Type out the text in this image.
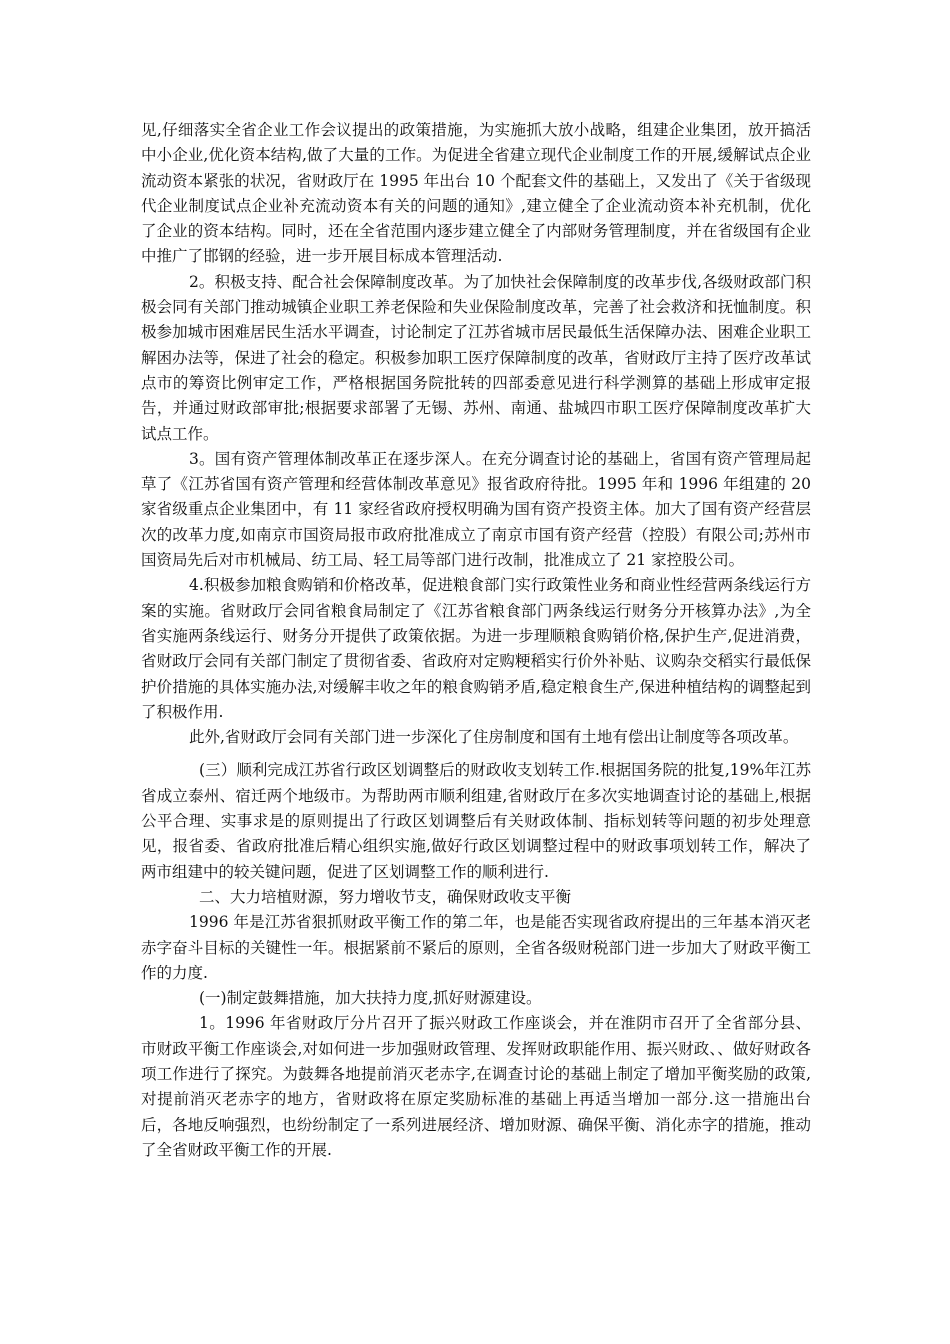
见,仔细落实全省企业工作会议提出的政策措施，为实施抓大放小战略，组建企业集团，放开搞活中小企业,优化资本结构,做了大量的工作。为促进全省建立现代企业制度工作的开展,缓解试点企业流动资本紧张的状况，省财政厅在 1995 年出台 10 个配套文件的基础上，又发出了《关于省级现代企业制度试点企业补充流动资本有关的问题的通知》,建立健全了企业流动资本补充机制，优化了企业的资本结构。同时，还在全省范围内逐步建立健全了内部财务管理制度，并在省级国有企业中推广了邯钢的经验，进一步开展目标成本管理活动.

2。积极支持、配合社会保障制度改革。为了加快社会保障制度的改革步伐,各级财政部门积极会同有关部门推动城镇企业职工养老保险和失业保险制度改革，完善了社会救济和抚恤制度。积极参加城市困难居民生活水平调查，讨论制定了江苏省城市居民最低生活保障办法、困难企业职工解困办法等，保进了社会的稳定。积极参加职工医疗保障制度的改革，省财政厅主持了医疗改革试点市的筹资比例审定工作，严格根据国务院批转的四部委意见进行科学测算的基础上形成审定报告，并通过财政部审批;根据要求部署了无锡、苏州、南通、盐城四市职工医疗保障制度改革扩大试点工作。

3。国有资产管理体制改革正在逐步深人。在充分调查讨论的基础上，省国有资产管理局起草了《江苏省国有资产管理和经营体制改革意见》报省政府待批。1995 年和 1996 年组建的 20 家省级重点企业集团中，有 11 家经省政府授权明确为国有资产投资主体。加大了国有资产经营层次的改革力度,如南京市国资局报市政府批准成立了南京市国有资产经营（控股）有限公司;苏州市国资局先后对市机械局、纺工局、轻工局等部门进行改制，批准成立了 21 家控股公司。

4.积极参加粮食购销和价格改革，促进粮食部门实行政策性业务和商业性经营两条线运行方案的实施。省财政厅会同省粮食局制定了《江苏省粮食部门两条线运行财务分开核算办法》,为全省实施两条线运行、财务分开提供了政策依据。为进一步理顺粮食购销价格,保护生产,促进消费，省财政厅会同有关部门制定了贯彻省委、省政府对定购粳稻实行价外补贴、议购杂交稻实行最低保护价措施的具体实施办法,对缓解丰收之年的粮食购销矛盾,稳定粮食生产,保进种植结构的调整起到了积极作用.

此外,省财政厅会同有关部门进一步深化了住房制度和国有土地有偿出让制度等各项改革。

(三）顺利完成江苏省行政区划调整后的财政收支划转工作.根据国务院的批复,19%年江苏省成立泰州、宿迁两个地级市。为帮助两市顺利组建,省财政厅在多次实地调查讨论的基础上,根据公平合理、实事求是的原则提出了行政区划调整后有关财政体制、指标划转等问题的初步处理意见，报省委、省政府批准后精心组织实施,做好行政区划调整过程中的财政事项划转工作，解决了两市组建中的较关键问题，促进了区划调整工作的顺利进行.

二、大力培植财源，努力增收节支，确保财政收支平衡

1996 年是江苏省狠抓财政平衡工作的第二年，也是能否实现省政府提出的三年基本消灭老赤字奋斗目标的关键性一年。根据紧前不紧后的原则，全省各级财税部门进一步加大了财政平衡工作的力度.

(一)制定鼓舞措施，加大扶持力度,抓好财源建设。

1。1996 年省财政厅分片召开了振兴财政工作座谈会，并在淮阴市召开了全省部分县、市财政平衡工作座谈会,对如何进一步加强财政管理、发挥财政职能作用、振兴财政、、做好财政各项工作进行了探究。为鼓舞各地提前消灭老赤字,在调查讨论的基础上制定了增加平衡奖励的政策,对提前消灭老赤字的地方，省财政将在原定奖励标准的基础上再适当增加一部分.这一措施出台后，各地反响强烈，也纷纷制定了一系列进展经济、增加财源、确保平衡、消化赤字的措施，推动了全省财政平衡工作的开展.
